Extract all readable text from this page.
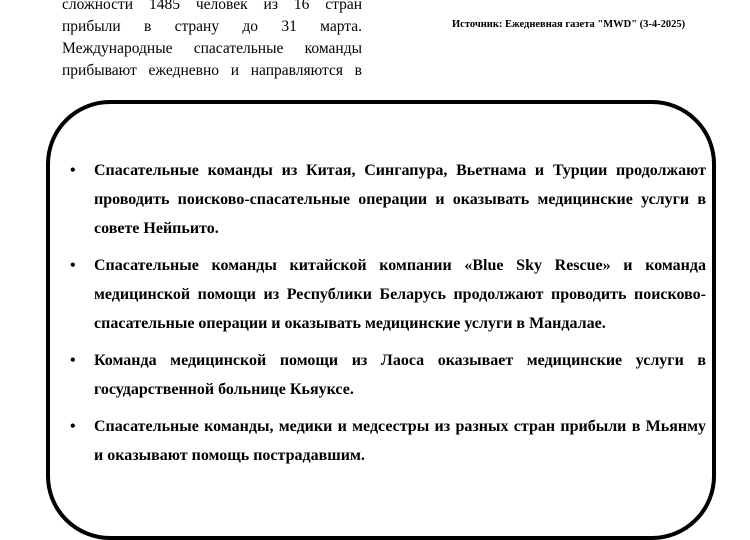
сложности 1485 человек из 16 стран
прибыли в страну до 31 марта.
Международные спасательные команды
прибывают ежедневно и направляются в
Источник: Ежедневная газета "MWD" (3-4-2025)
• Спасательные команды из Китая, Сингапура, Вьетнама и Турции продолжают проводить поисково-спасательные операции и оказывать медицинские услуги в совете Нейпьито.
• Спасательные команды китайской компании «Blue Sky Rescue» и команда медицинской помощи из Республики Беларусь продолжают проводить поисково-спасательные операции и оказывать медицинские услуги в Мандалае.
• Команда медицинской помощи из Лаоса оказывает медицинские услуги в государственной больнице Кьяуксе.
• Спасательные команды, медики и медсестры из разных стран прибыли в Мьянму и оказывают помощь пострадавшим.
